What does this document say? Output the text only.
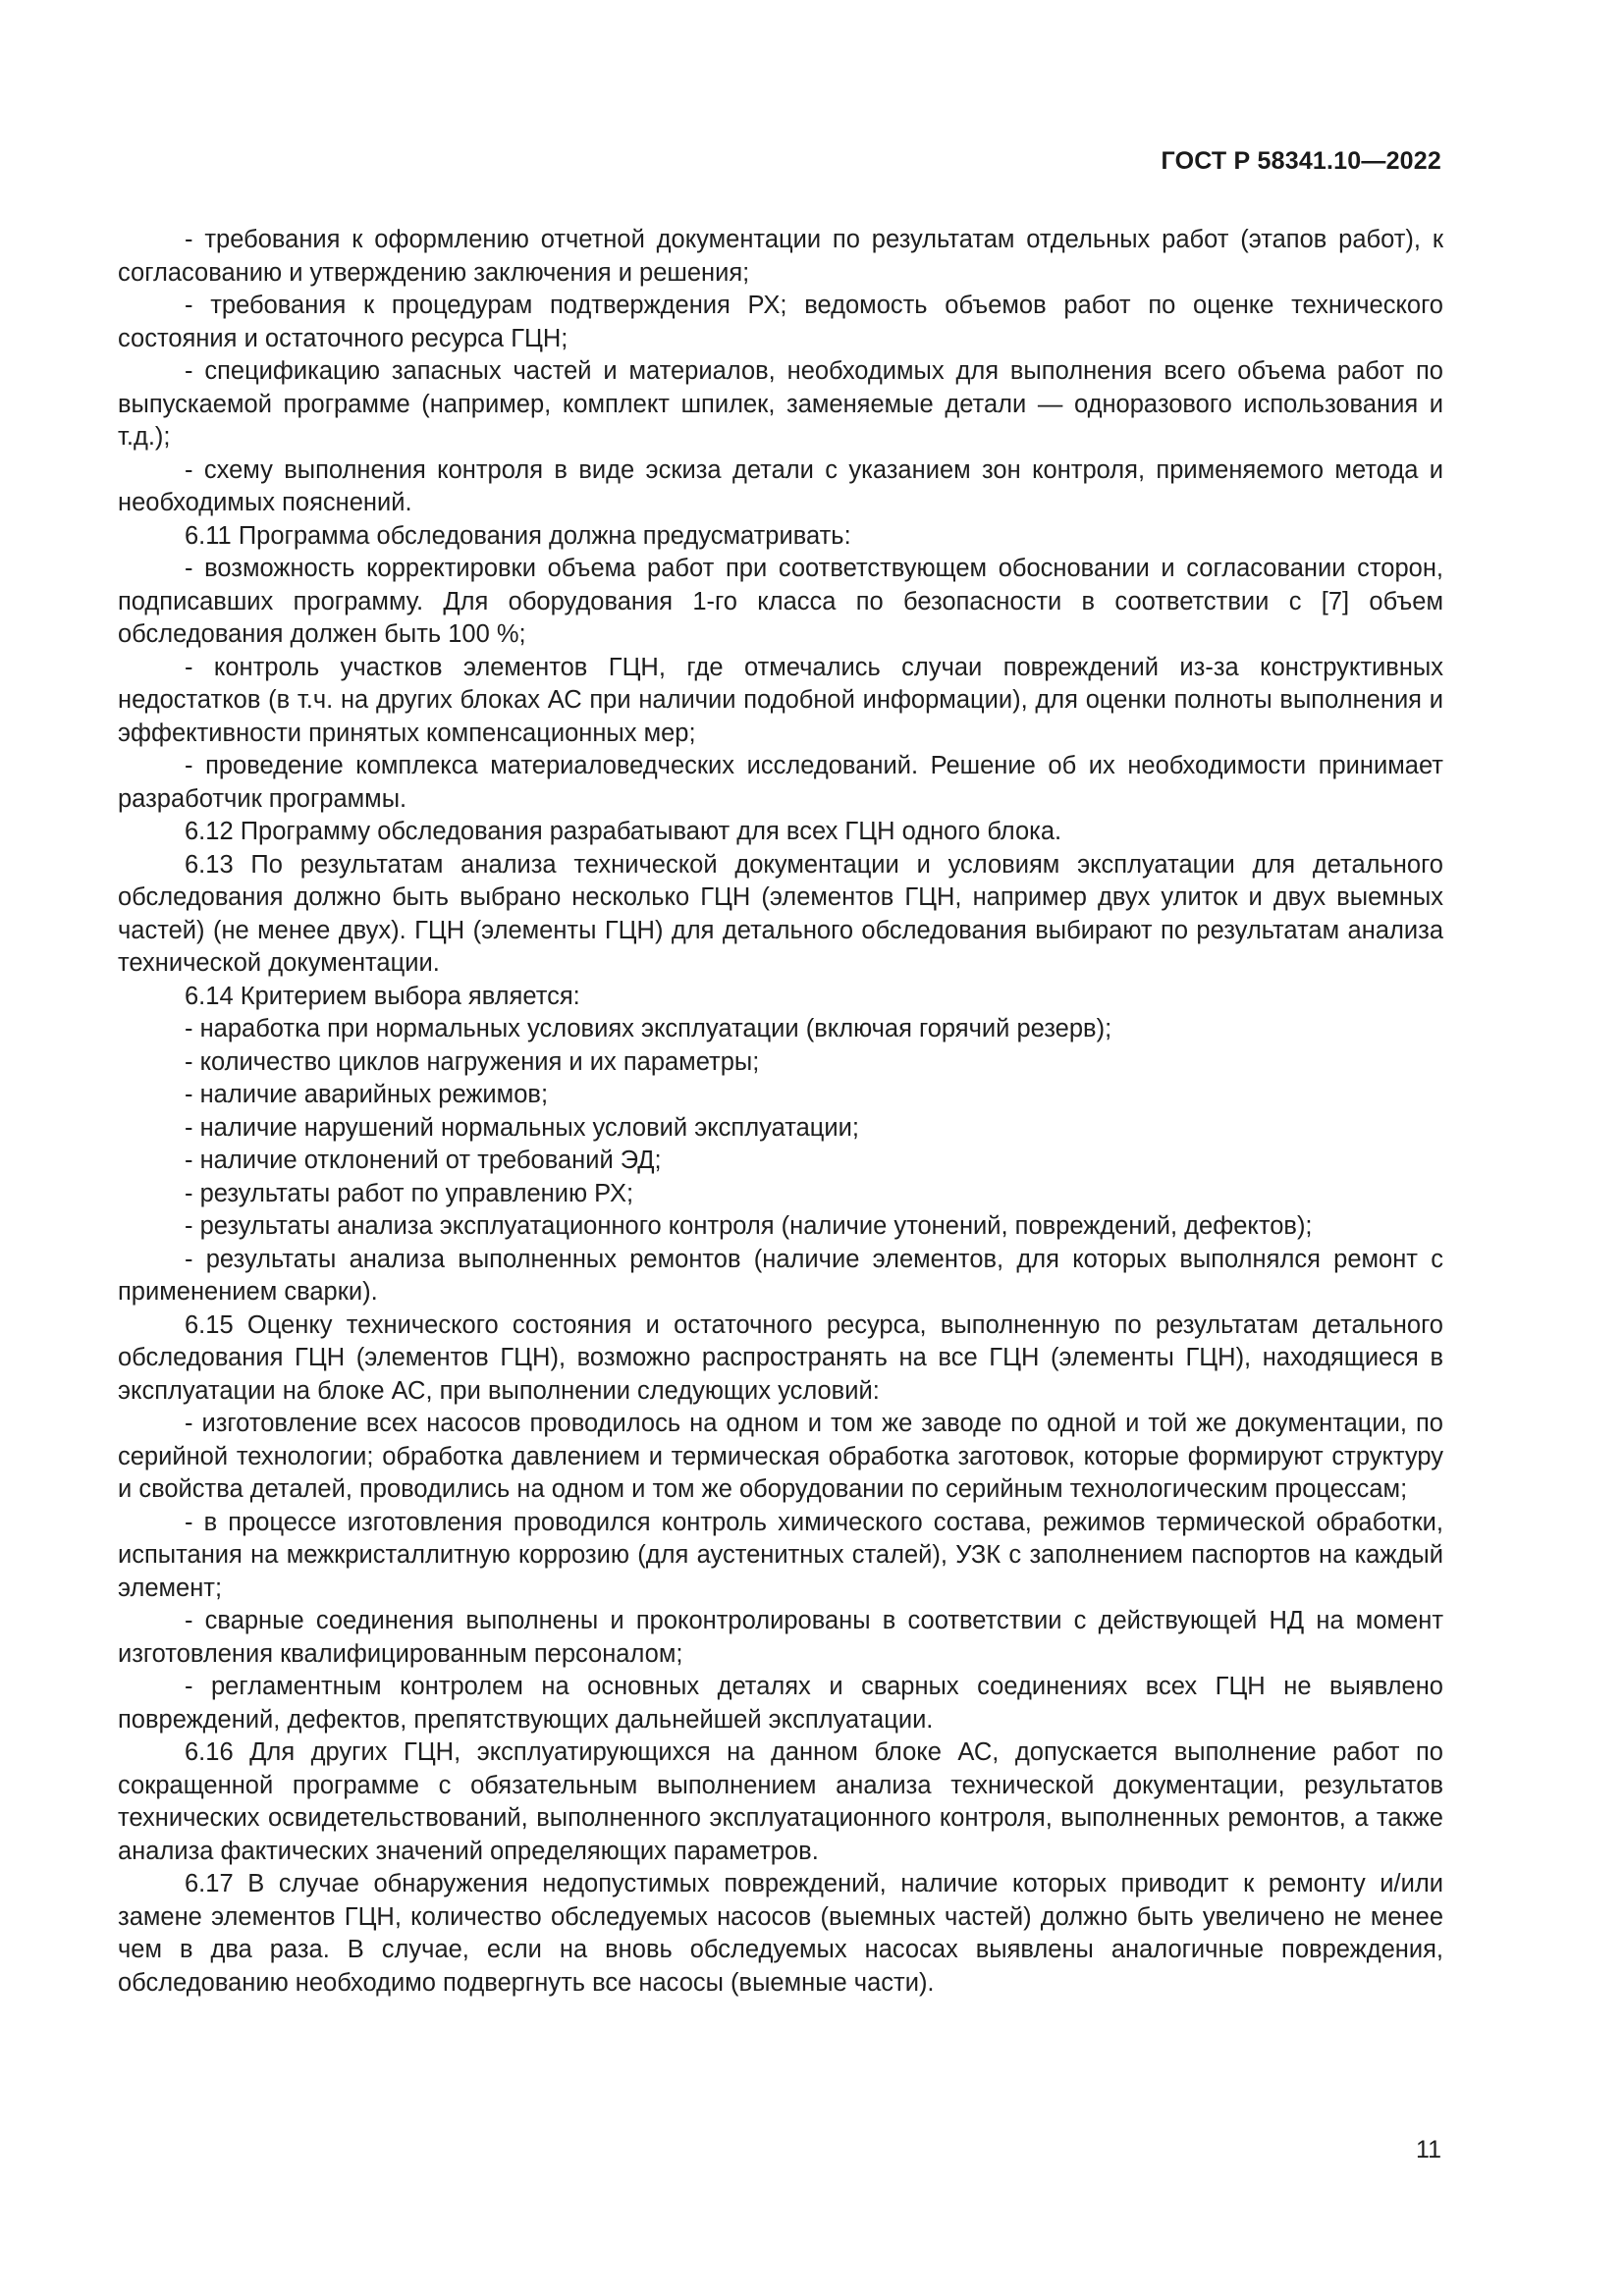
ГОСТ Р 58341.10—2022

- требования к оформлению отчетной документации по результатам отдельных работ (этапов работ), к согласованию и утверждению заключения и решения;

- требования к процедурам подтверждения РХ; ведомость объемов работ по оценке технического состояния и остаточного ресурса ГЦН;

- спецификацию запасных частей и материалов, необходимых для выполнения всего объема работ по выпускаемой программе (например, комплект шпилек, заменяемые детали — одноразового использования и т.д.);

- схему выполнения контроля в виде эскиза детали с указанием зон контроля, применяемого метода и необходимых пояснений.

6.11 Программа обследования должна предусматривать:

- возможность корректировки объема работ при соответствующем обосновании и согласовании сторон, подписавших программу. Для оборудования 1-го класса по безопасности в соответствии с [7] объем обследования должен быть 100 %;

- контроль участков элементов ГЦН, где отмечались случаи повреждений из-за конструктивных недостатков (в т.ч. на других блоках АС при наличии подобной информации), для оценки полноты выполнения и эффективности принятых компенсационных мер;

- проведение комплекса материаловедческих исследований. Решение об их необходимости принимает разработчик программы.

6.12 Программу обследования разрабатывают для всех ГЦН одного блока.

6.13 По результатам анализа технической документации и условиям эксплуатации для детального обследования должно быть выбрано несколько ГЦН (элементов ГЦН, например двух улиток и двух выемных частей) (не менее двух). ГЦН (элементы ГЦН) для детального обследования выбирают по результатам анализа технической документации.

6.14 Критерием выбора является:

- наработка при нормальных условиях эксплуатации (включая горячий резерв);

- количество циклов нагружения и их параметры;

- наличие аварийных режимов;

- наличие нарушений нормальных условий эксплуатации;

- наличие отклонений от требований ЭД;

- результаты работ по управлению РХ;

- результаты анализа эксплуатационного контроля (наличие утонений, повреждений, дефектов);

- результаты анализа выполненных ремонтов (наличие элементов, для которых выполнялся ремонт с применением сварки).

6.15 Оценку технического состояния и остаточного ресурса, выполненную по результатам детального обследования ГЦН (элементов ГЦН), возможно распространять на все ГЦН (элементы ГЦН), находящиеся в эксплуатации на блоке АС, при выполнении следующих условий:

- изготовление всех насосов проводилось на одном и том же заводе по одной и той же документации, по серийной технологии; обработка давлением и термическая обработка заготовок, которые формируют структуру и свойства деталей, проводились на одном и том же оборудовании по серийным технологическим процессам;

- в процессе изготовления проводился контроль химического состава, режимов термической обработки, испытания на межкристаллитную коррозию (для аустенитных сталей), УЗК с заполнением паспортов на каждый элемент;

- сварные соединения выполнены и проконтролированы в соответствии с действующей НД на момент изготовления квалифицированным персоналом;

- регламентным контролем на основных деталях и сварных соединениях всех ГЦН не выявлено повреждений, дефектов, препятствующих дальнейшей эксплуатации.

6.16 Для других ГЦН, эксплуатирующихся на данном блоке АС, допускается выполнение работ по сокращенной программе с обязательным выполнением анализа технической документации, результатов технических освидетельствований, выполненного эксплуатационного контроля, выполненных ремонтов, а также анализа фактических значений определяющих параметров.

6.17 В случае обнаружения недопустимых повреждений, наличие которых приводит к ремонту и/или замене элементов ГЦН, количество обследуемых насосов (выемных частей) должно быть увеличено не менее чем в два раза. В случае, если на вновь обследуемых насосах выявлены аналогичные повреждения, обследованию необходимо подвергнуть все насосы (выемные части).

11
